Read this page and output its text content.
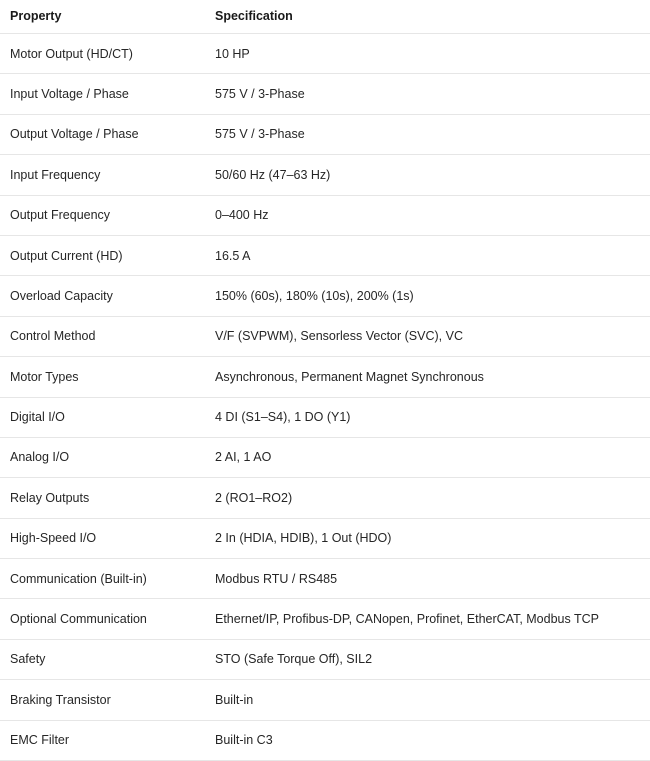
Property	Specification
Motor Output (HD/CT)	10 HP
Input Voltage / Phase	575 V / 3-Phase
Output Voltage / Phase	575 V / 3-Phase
Input Frequency	50/60 Hz (47–63 Hz)
Output Frequency	0–400 Hz
Output Current (HD)	16.5 A
Overload Capacity	150% (60s), 180% (10s), 200% (1s)
Control Method	V/F (SVPWM), Sensorless Vector (SVC), VC
Motor Types	Asynchronous, Permanent Magnet Synchronous
Digital I/O	4 DI (S1–S4), 1 DO (Y1)
Analog I/O	2 AI, 1 AO
Relay Outputs	2 (RO1–RO2)
High-Speed I/O	2 In (HDIA, HDIB), 1 Out (HDO)
Communication (Built-in)	Modbus RTU / RS485
Optional Communication	Ethernet/IP, Profibus-DP, CANopen, Profinet, EtherCAT, Modbus TCP
Safety	STO (Safe Torque Off), SIL2
Braking Transistor	Built-in
EMC Filter	Built-in C3
